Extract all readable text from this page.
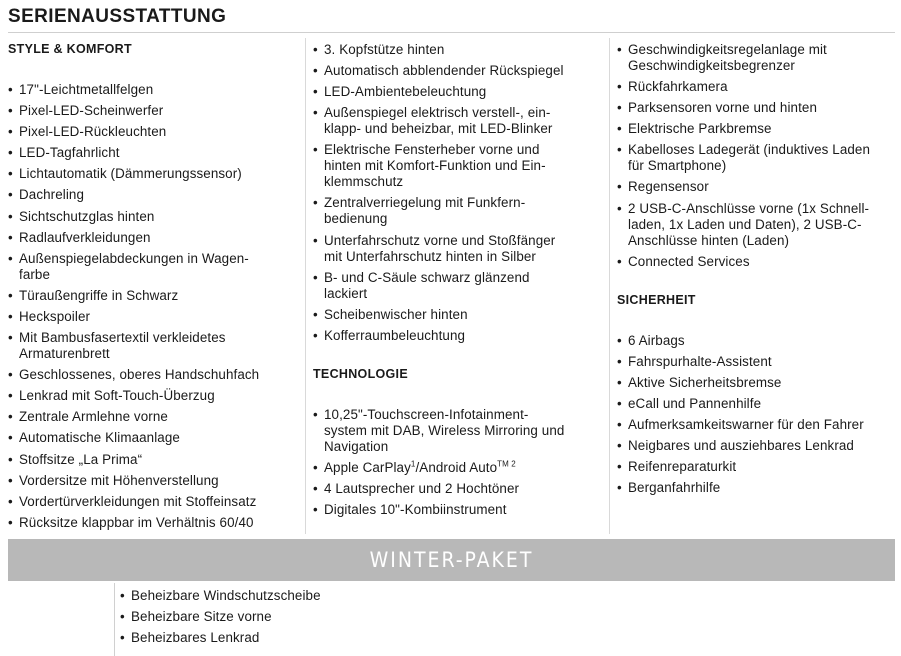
SERIENAUSSTATTUNG
STYLE & KOMFORT
• 17"-Leichtmetallfelgen
• Pixel-LED-Scheinwerfer
• Pixel-LED-Rückleuchten
• LED-Tagfahrlicht
• Lichtautomatik (Dämmerungssensor)
• Dachreling
• Sichtschutzglas hinten
• Radlaufverkleidungen
• Außenspiegelabdeckungen in Wagen-
farbe
• Türaußengriffe in Schwarz
• Heckspoiler
• Mit Bambusfasertextil verkleidetes
Armaturenbrett
• Geschlossenes, oberes Handschuhfach
• Lenkrad mit Soft-Touch-Überzug
• Zentrale Armlehne vorne
• Automatische Klimaanlage
• Stoffsitze „La Prima“
• Vordersitze mit Höhenverstellung
• Vordertürverkleidungen mit Stoffeinsatz
• Rücksitze klappbar im Verhältnis 60/40
• 3. Kopfstütze hinten
• Automatisch abblendender Rückspiegel
• LED-Ambientebeleuchtung
• Außenspiegel elektrisch verstell-, ein-
klapp- und beheizbar, mit LED-Blinker
• Elektrische Fensterheber vorne und
hinten mit Komfort-Funktion und Ein-
klemmschutz
• Zentralverriegelung mit Funkfern-
bedienung
• Unterfahrschutz vorne und Stoßfänger
mit Unterfahrschutz hinten in Silber
• B- und C-Säule schwarz glänzend
lackiert
• Scheibenwischer hinten
• Kofferraumbeleuchtung
TECHNOLOGIE
• 10,25"-Touchscreen-Infotainment-
system mit DAB, Wireless Mirroring und
Navigation
• Apple CarPlay$^1$/Android Auto$^{TM 2}$
• 4 Lautsprecher und 2 Hochtöner
• Digitales 10"-Kombiinstrument
• Geschwindigkeitsregelanlage mit
Geschwindigkeitsbegrenzer
• Rückfahrkamera
• Parksensoren vorne und hinten
• Elektrische Parkbremse
• Kabelloses Ladegerät (induktives Laden
für Smartphone)
• Regensensor
• 2 USB-C-Anschlüsse vorne (1x Schnell-
laden, 1x Laden und Daten), 2 USB-C-
Anschlüsse hinten (Laden)
• Connected Services
SICHERHEIT
• 6 Airbags
• Fahrspurhalte-Assistent
• Aktive Sicherheitsbremse
• eCall und Pannenhilfe
• Aufmerksamkeitswarner für den Fahrer
• Neigbares und ausziehbares Lenkrad
• Reifenreparaturkit
• Berganfahrhilfe
WINTER-PAKET
• Beheizbare Windschutzscheibe
• Beheizbare Sitze vorne
• Beheizbares Lenkrad
